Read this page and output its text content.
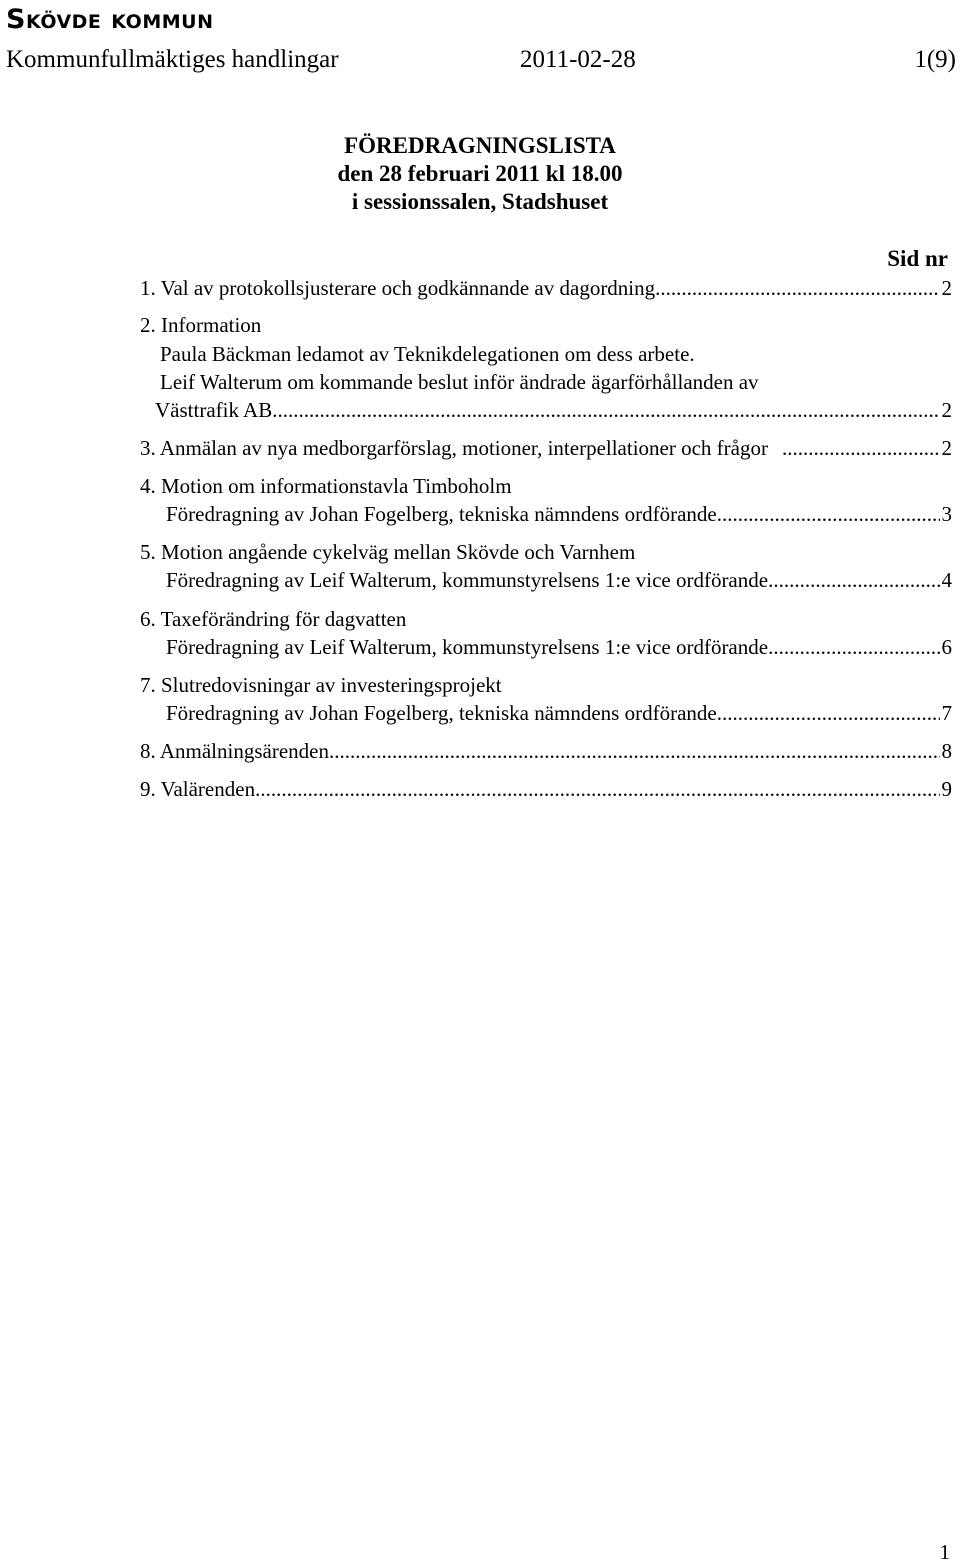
Skövde kommun
Kommunfullmäktiges handlingar	2011-02-28	1(9)
FÖREDRAGNINGSLISTA
den 28 februari 2011 kl 18.00
i sessionssalen, Stadshuset
Sid nr
1. Val av protokollsjusterare och godkännande av dagordning .....	2
2. Information
Paula Bäckman ledamot av Teknikdelegationen om dess arbete.
Leif Walterum om kommande beslut inför ändrade ägarförhållanden av
Västtrafik AB .....	2
3. Anmälan av nya medborgarförslag, motioner, interpellationer och frågor .....	2
4. Motion om informationstavla Timboholm
Föredragning av Johan Fogelberg, tekniska nämndens ordförande .....	3
5. Motion angående cykelväg mellan Skövde och Varnhem
Föredragning av Leif Walterum, kommunstyrelsens 1:e vice ordförande .....	4
6. Taxeförändring för dagvatten
Föredragning av Leif Walterum, kommunstyrelsens 1:e vice ordförande .....	6
7. Slutredovisningar av investeringsprojekt
Föredragning av Johan Fogelberg, tekniska nämndens ordförande .....	7
8. Anmälningsärenden .....	8
9. Valärenden .....	9
1
